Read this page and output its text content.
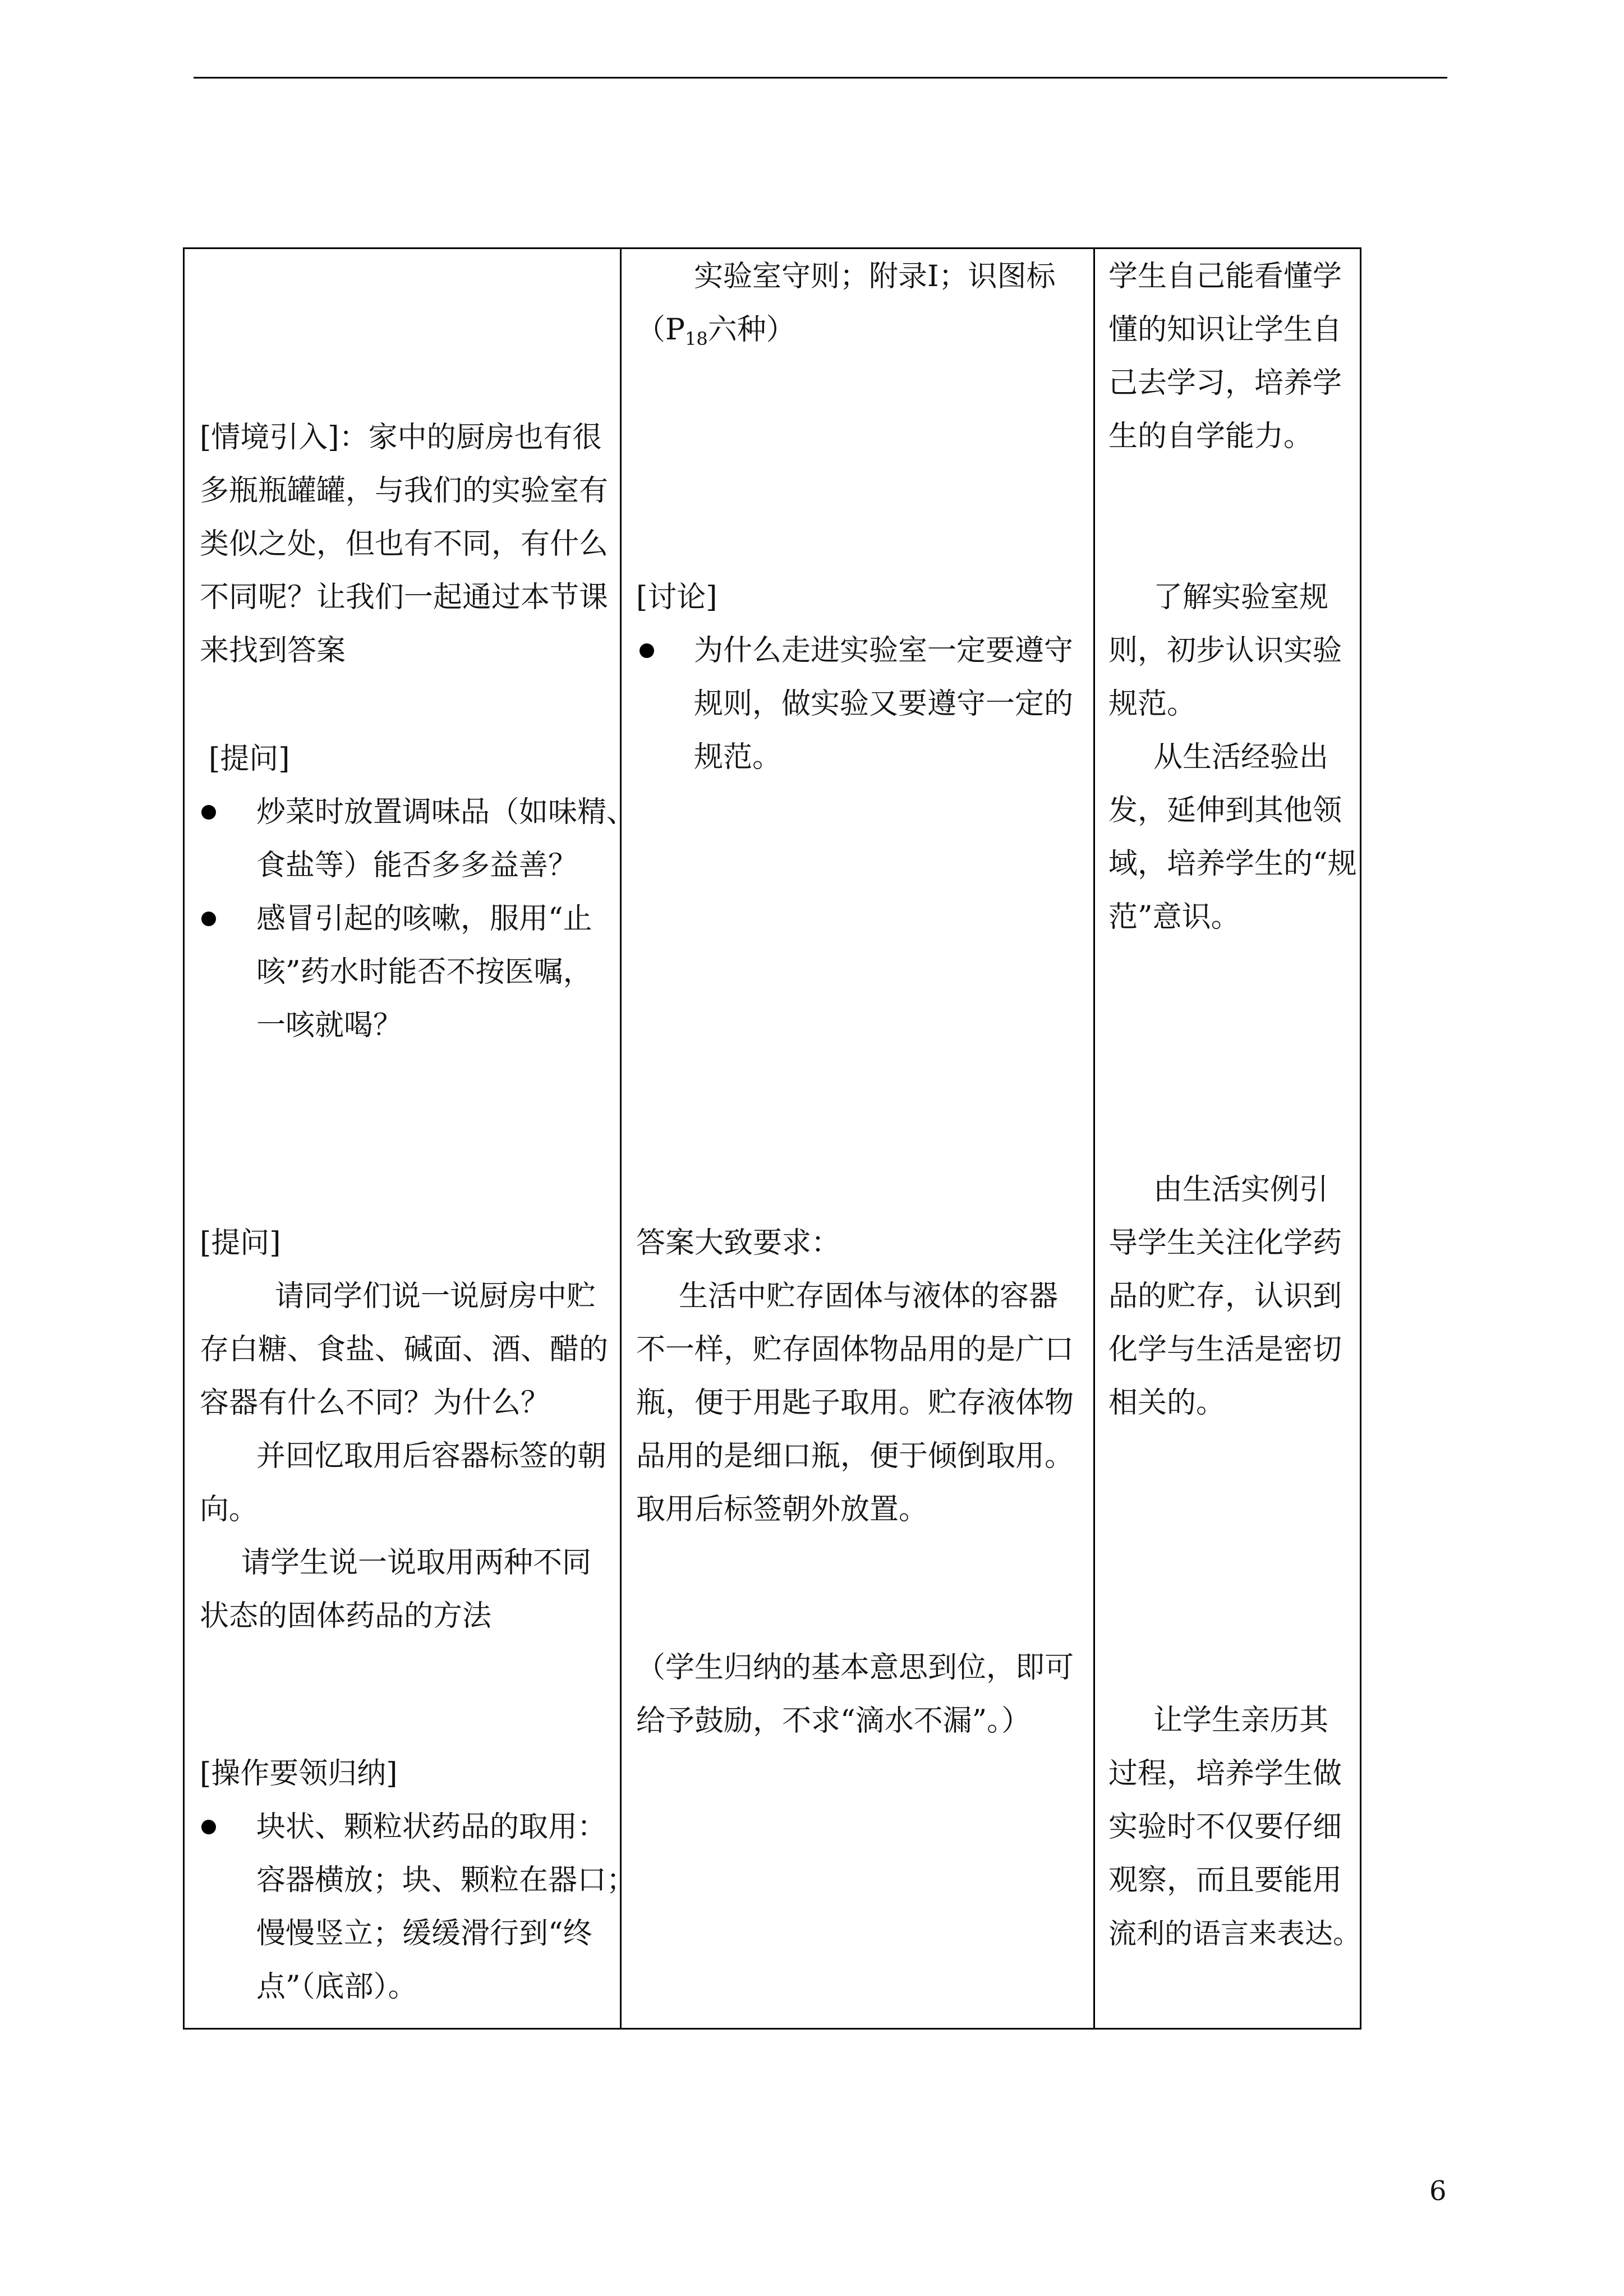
[情境引入]：家中的厨房也有很
多瓶瓶罐罐，与我们的实验室有
类似之处，但也有不同，有什么
不同呢？让我们一起通过本节课
来找到答案
[提问]
炒菜时放置调味品（如味精、
食盐等）能否多多益善？
感冒引起的咳嗽，服用“止
咳”药水时能否不按医嘱，
一咳就喝？
[提问]
请同学们说一说厨房中贮
存白糖、食盐、碱面、酒、醋的
容器有什么不同？为什么？
并回忆取用后容器标签的朝
向。
请学生说一说取用两种不同
状态的固体药品的方法
[操作要领归纳]
块状、颗粒状药品的取用：
容器横放；块、颗粒在器口；
慢慢竖立；缓缓滑行到“终
点”（底部）。
实验室守则；附录Ⅰ；识图标
（$P_{18}$六种）
[讨论]
为什么走进实验室一定要遵守
规则，做实验又要遵守一定的
规范。
答案大致要求：
生活中贮存固体与液体的容器
不一样，贮存固体物品用的是广口
瓶，便于用匙子取用。贮存液体物
品用的是细口瓶，便于倾倒取用。
取用后标签朝外放置。
（学生归纳的基本意思到位，即可
给予鼓励，不求“滴水不漏”。）
学生自己能看懂学
懂的知识让学生自
己去学习，培养学
生的自学能力。
了解实验室规
则，初步认识实验
规范。
从生活经验出
发，延伸到其他领
域，培养学生的“规
范”意识。
由生活实例引
导学生关注化学药
品的贮存，认识到
化学与生活是密切
相关的。
让学生亲历其
过程，培养学生做
实验时不仅要仔细
观察，而且要能用
流利的语言来表达。
6
